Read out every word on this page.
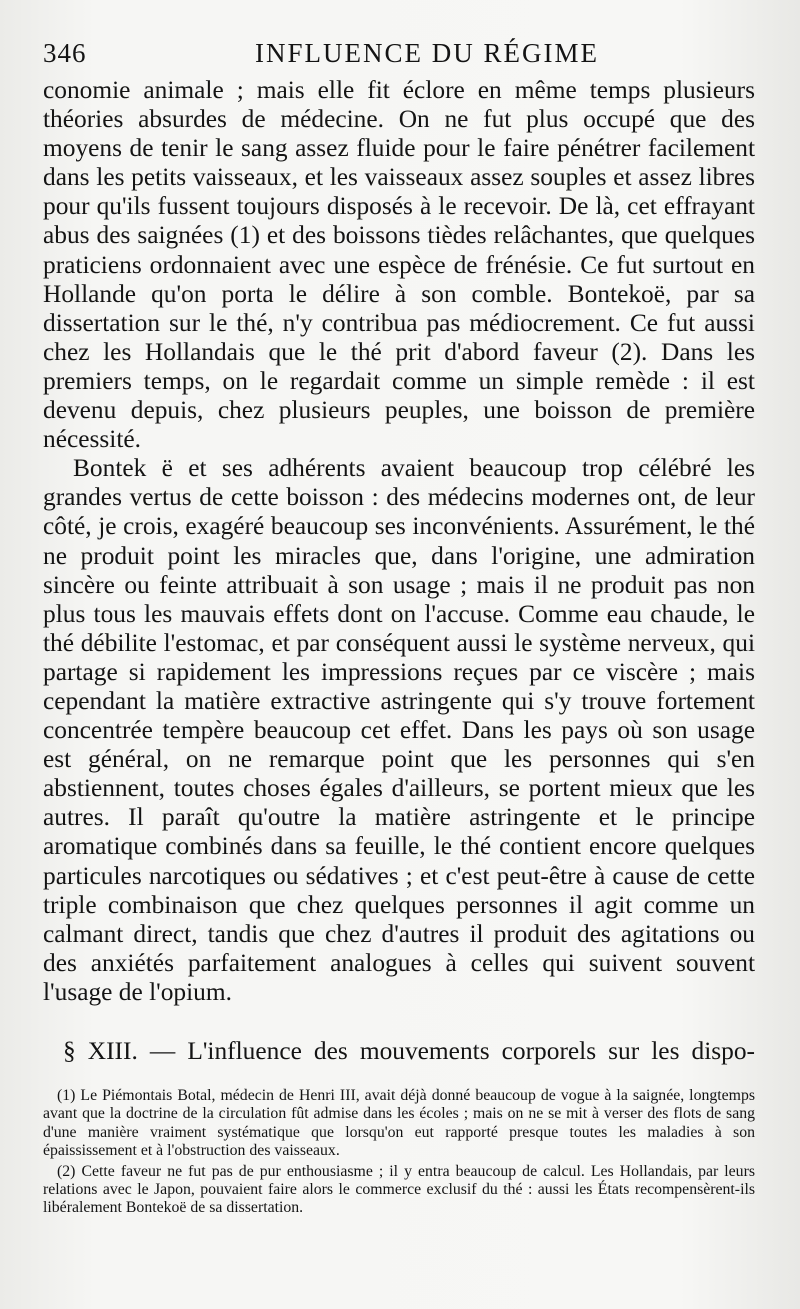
346	INFLUENCE DU RÉGIME

conomie animale ; mais elle fit éclore en même temps plusieurs théories absurdes de médecine. On ne fut plus occupé que des moyens de tenir le sang assez fluide pour le faire pénétrer facilement dans les petits vaisseaux, et les vaisseaux assez souples et assez libres pour qu'ils fussent toujours disposés à le recevoir. De là, cet effrayant abus des saignées (1) et des boissons tièdes relâchantes, que quelques praticiens ordonnaient avec une espèce de frénésie. Ce fut surtout en Hollande qu'on porta le délire à son comble. Bontekoë, par sa dissertation sur le thé, n'y contribua pas médiocrement. Ce fut aussi chez les Hollandais que le thé prit d'abord faveur (2). Dans les premiers temps, on le regardait comme un simple remède : il est devenu depuis, chez plusieurs peuples, une boisson de première nécessité.

Bontek ë et ses adhérents avaient beaucoup trop célébré les grandes vertus de cette boisson : des médecins modernes ont, de leur côté, je crois, exagéré beaucoup ses inconvénients. Assurément, le thé ne produit point les miracles que, dans l'origine, une admiration sincère ou feinte attribuait à son usage ; mais il ne produit pas non plus tous les mauvais effets dont on l'accuse. Comme eau chaude, le thé débilite l'estomac, et par conséquent aussi le système nerveux, qui partage si rapidement les impressions reçues par ce viscère ; mais cependant la matière extractive astringente qui s'y trouve fortement concentrée tempère beaucoup cet effet. Dans les pays où son usage est général, on ne remarque point que les personnes qui s'en abstiennent, toutes choses égales d'ailleurs, se portent mieux que les autres. Il paraît qu'outre la matière astringente et le principe aromatique combinés dans sa feuille, le thé contient encore quelques particules narcotiques ou sédatives ; et c'est peut-être à cause de cette triple combinaison que chez quelques personnes il agit comme un calmant direct, tandis que chez d'autres il produit des agitations ou des anxiétés parfaitement analogues à celles qui suivent souvent l'usage de l'opium.

§ XIII. — L'influence des mouvements corporels sur les dispo-

(1) Le Piémontais Botal, médecin de Henri III, avait déjà donné beaucoup de vogue à la saignée, longtemps avant que la doctrine de la circulation fût admise dans les écoles ; mais on ne se mit à verser des flots de sang d'une manière vraiment systématique que lorsqu'on eut rapporté presque toutes les maladies à son épaississement et à l'obstruction des vaisseaux.

(2) Cette faveur ne fut pas de pur enthousiasme ; il y entra beaucoup de calcul. Les Hollandais, par leurs relations avec le Japon, pouvaient faire alors le commerce exclusif du thé : aussi les États recompensèrent-ils libéralement Bontekoë de sa dissertation.
